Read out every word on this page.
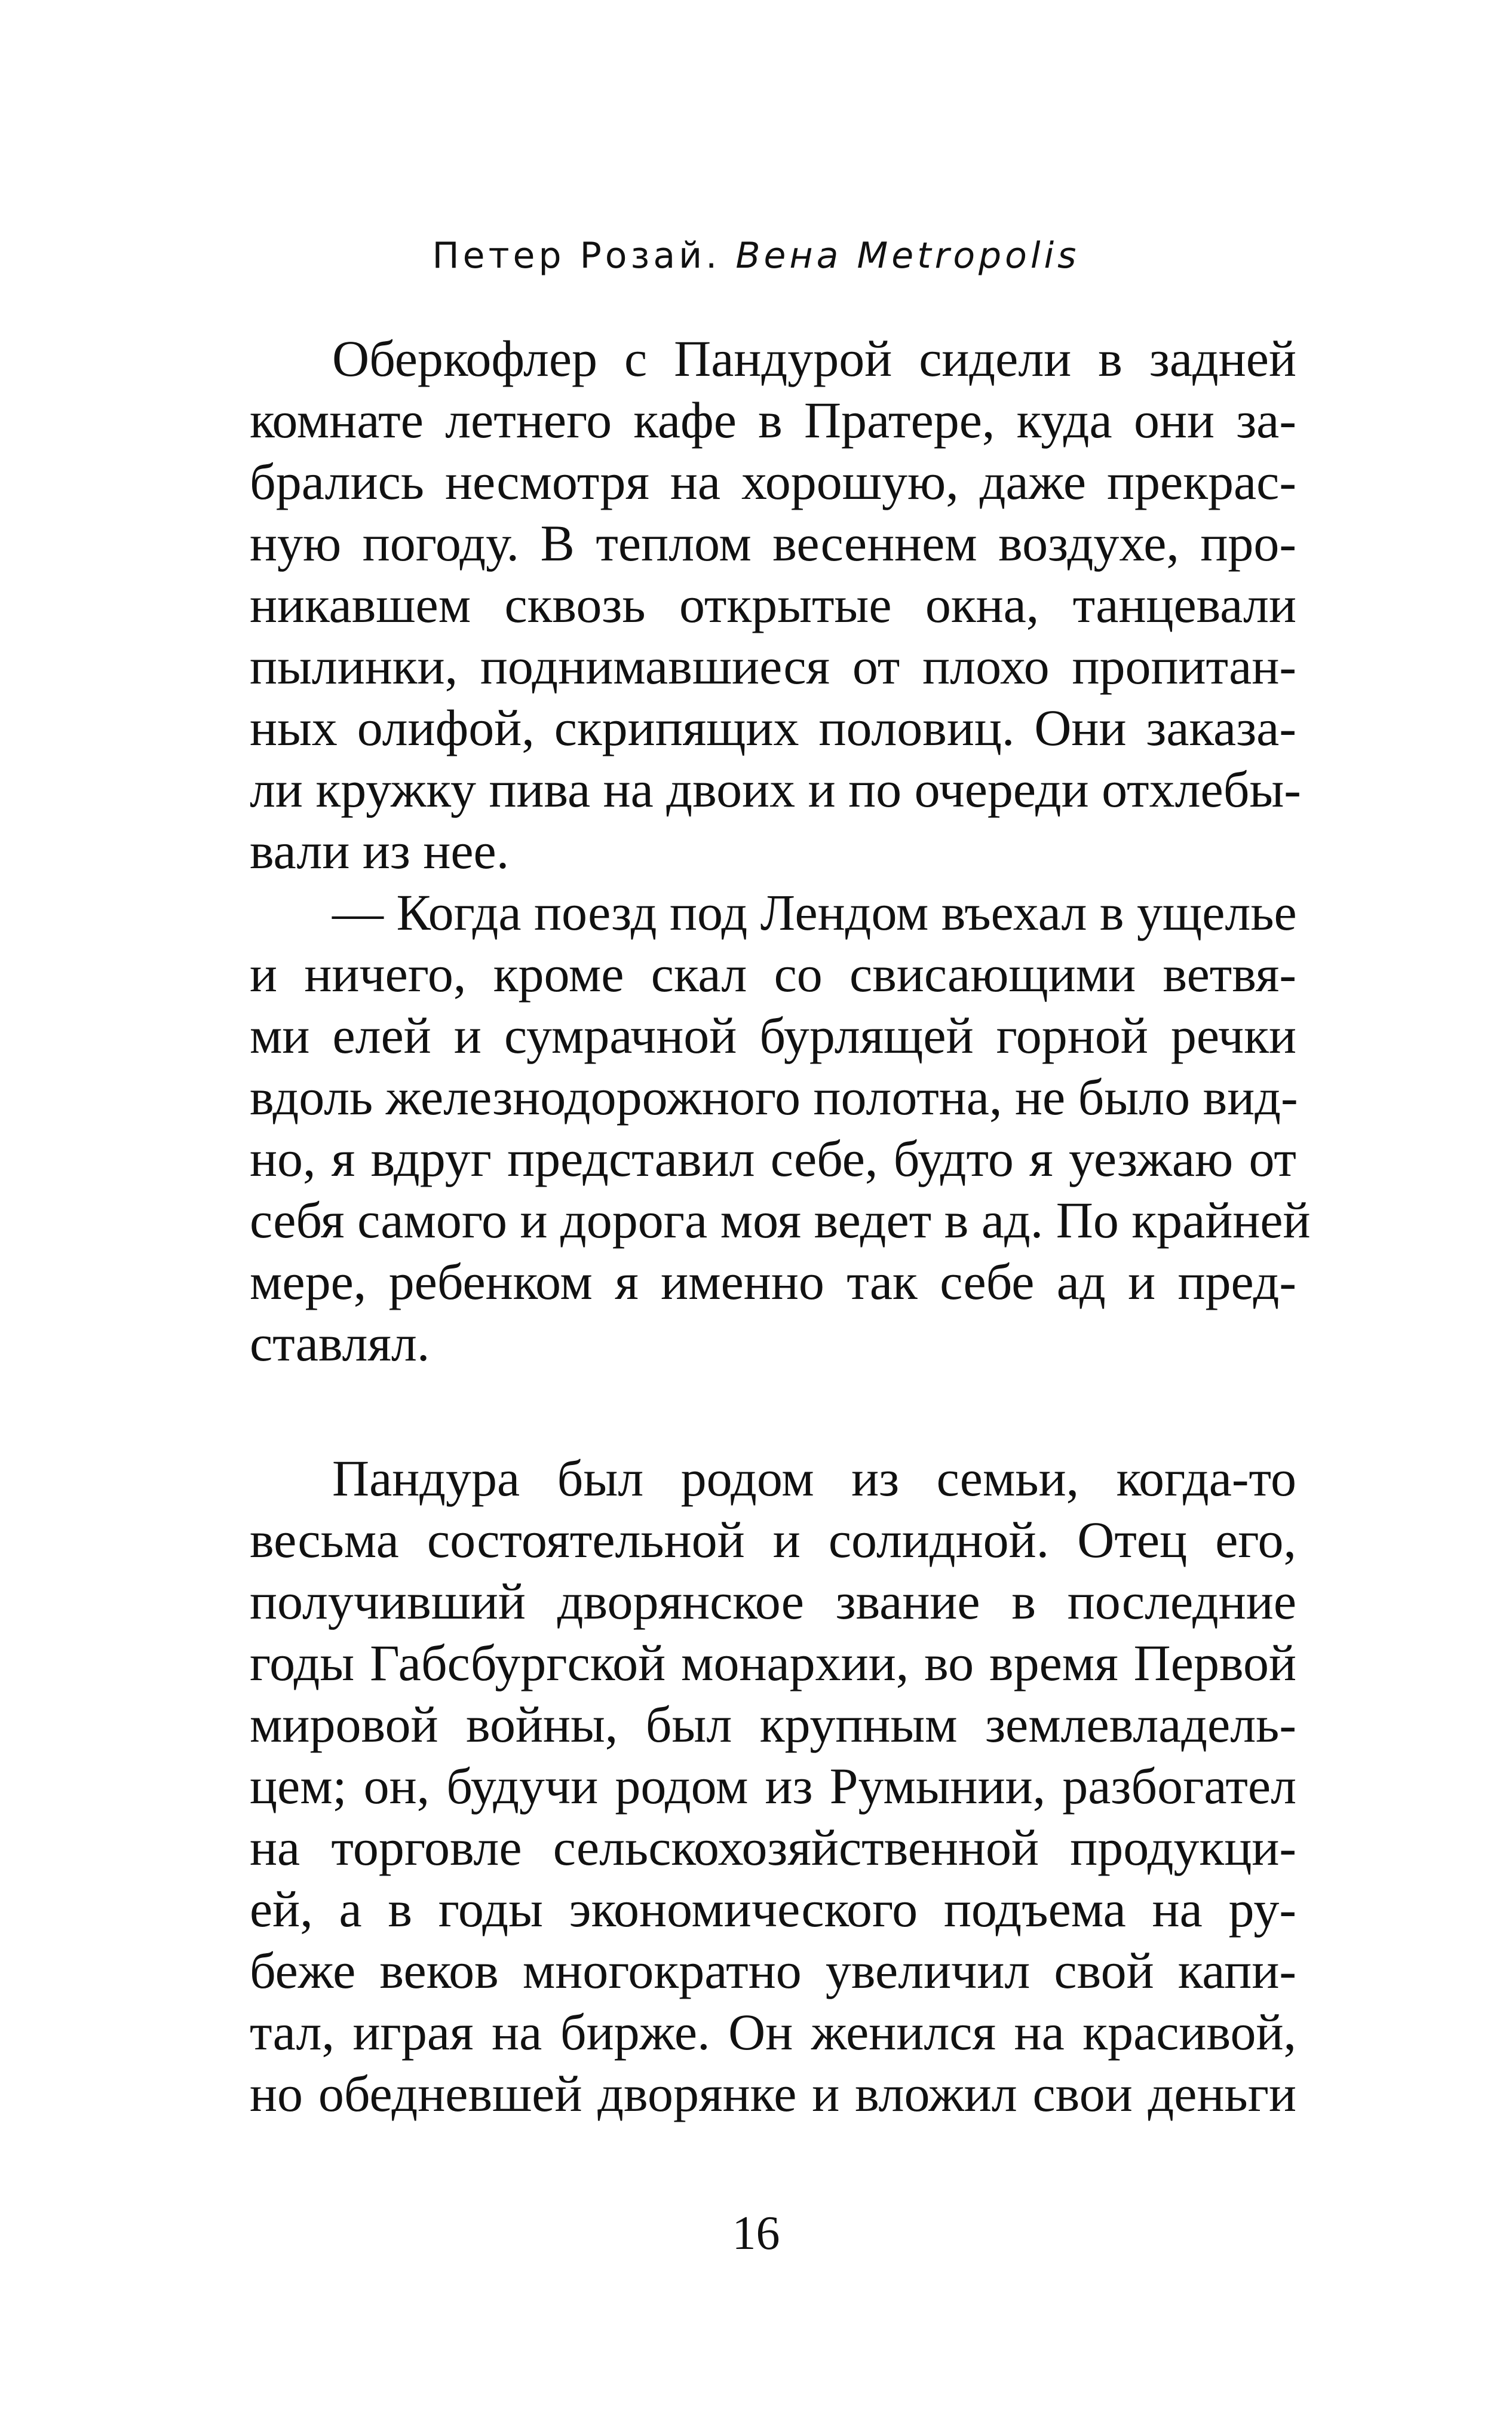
Петер Розай. Вена Metropolis
Оберкофлер с Пандурой сидели в задней
комнате летнего кафе в Пратере, куда они за-
брались несмотря на хорошую, даже прекрас-
ную погоду. В теплом весеннем воздухе, про-
никавшем сквозь открытые окна, танцевали
пылинки, поднимавшиеся от плохо пропитан-
ных олифой, скрипящих половиц. Они заказа-
ли кружку пива на двоих и по очереди отхлебы-
вали из нее.
— Когда поезд под Лендом въехал в ущелье
и ничего, кроме скал со свисающими ветвя-
ми елей и сумрачной бурлящей горной речки
вдоль железнодорожного полотна, не было вид-
но, я вдруг представил себе, будто я уезжаю от
себя самого и дорога моя ведет в ад. По крайней
мере, ребенком я именно так себе ад и пред-
ставлял.
Пандура был родом из семьи, когда-то
весьма состоятельной и солидной. Отец его,
получивший дворянское звание в последние
годы Габсбургской монархии, во время Первой
мировой войны, был крупным землевладель-
цем; он, будучи родом из Румынии, разбогател
на торговле сельскохозяйственной продукци-
ей, а в годы экономического подъема на ру-
беже веков многократно увеличил свой капи-
тал, играя на бирже. Он женился на красивой,
но обедневшей дворянке и вложил свои деньги
16
